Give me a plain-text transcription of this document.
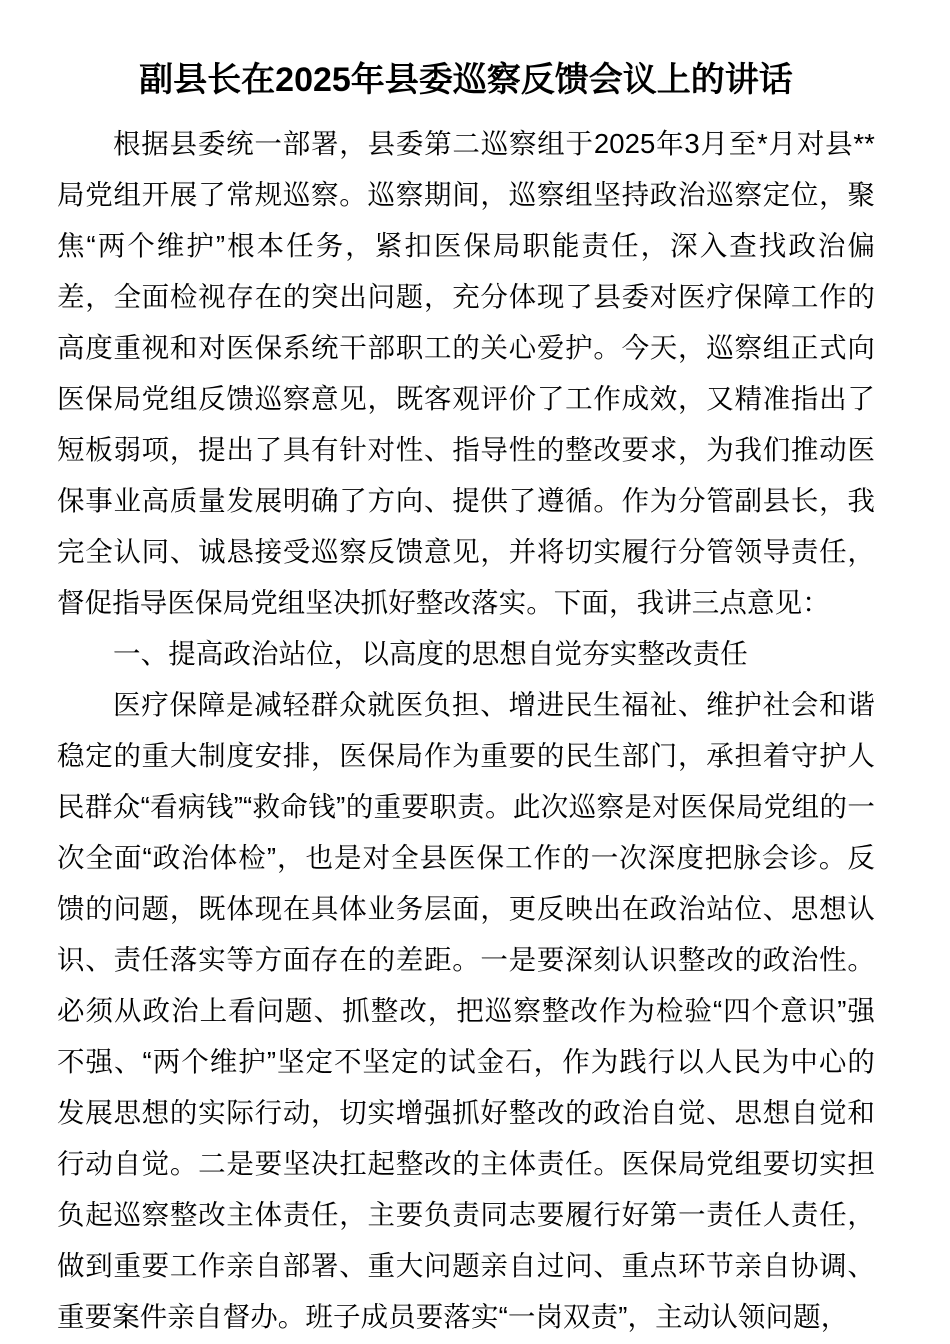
副县长在2025年县委巡察反馈会议上的讲话

根据县委统一部署，县委第二巡察组于2025年3月至*月对县**局党组开展了常规巡察。巡察期间，巡察组坚持政治巡察定位，聚焦“两个维护”根本任务，紧扣医保局职能责任，深入查找政治偏差，全面检视存在的突出问题，充分体现了县委对医疗保障工作的高度重视和对医保系统干部职工的关心爱护。今天，巡察组正式向医保局党组反馈巡察意见，既客观评价了工作成效，又精准指出了短板弱项，提出了具有针对性、指导性的整改要求，为我们推动医保事业高质量发展明确了方向、提供了遵循。作为分管副县长，我完全认同、诚恳接受巡察反馈意见，并将切实履行分管领导责任，督促指导医保局党组坚决抓好整改落实。下面，我讲三点意见：

一、提高政治站位，以高度的思想自觉夯实整改责任

医疗保障是减轻群众就医负担、增进民生福祉、维护社会和谐稳定的重大制度安排，医保局作为重要的民生部门，承担着守护人民群众“看病钱”“救命钱”的重要职责。此次巡察是对医保局党组的一次全面“政治体检”，也是对全县医保工作的一次深度把脉会诊。反馈的问题，既体现在具体业务层面，更反映出在政治站位、思想认识、责任落实等方面存在的差距。一是要深刻认识整改的政治性。必须从政治上看问题、抓整改，把巡察整改作为检验“四个意识”强不强、“两个维护”坚定不坚定的试金石，作为践行以人民为中心的发展思想的实际行动，切实增强抓好整改的政治自觉、思想自觉和行动自觉。二是要坚决扛起整改的主体责任。医保局党组要切实担负起巡察整改主体责任，主要负责同志要履行好第一责任人责任，做到重要工作亲自部署、重大问题亲自过问、重点环节亲自协调、重要案件亲自督办。班子成员要落实“一岗双责”，主动认领问题，
